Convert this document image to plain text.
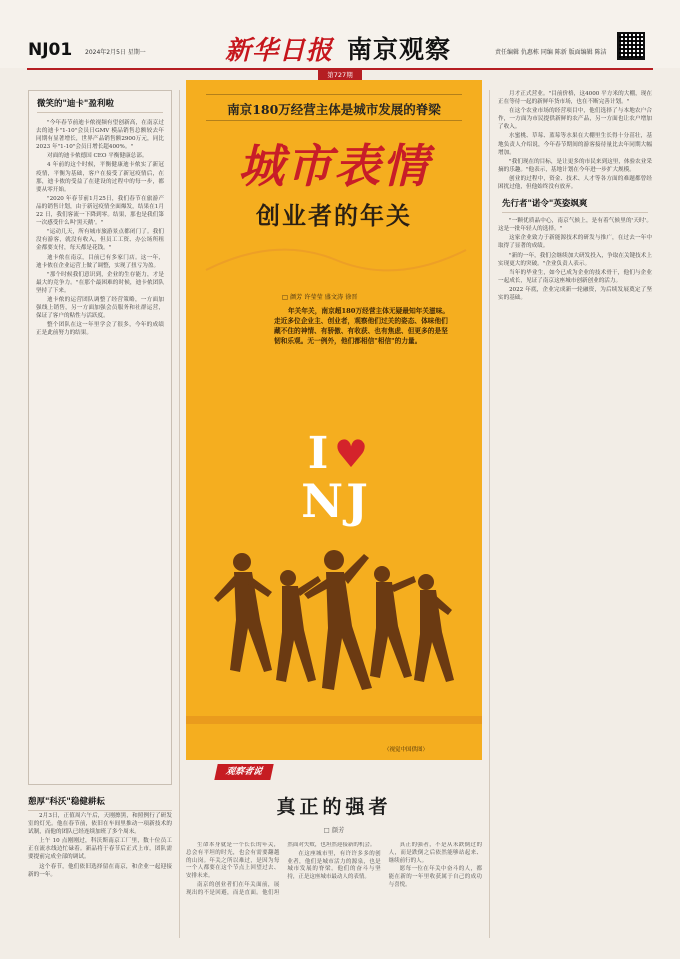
NJ01 2024年2月5日 星期一	新华日报 南京观察	责任编辑 仇惠栋 同编 陈新 版面编辑 陈洁
第727期
微笑的"迪卡"盈利啦

"今年春节前迪卡侬视频有望创新高，在南京过去的迪卡"1-10"会员日GMV 模品销售总额较去年同期有显著增长，世界产品销售额2900万元，同比2023 年"1-10"会员日增长超400%。"

对面的迪卡侬德国 CEO 平衡健康总部。

4 年前的这个时候，平衡健康迪卡侬实了新冠疫情，平衡为基础，客户在接受了新冠疫情后，在那，迪卡侬的受益了在建设的过程中的每一步，都要从零开始。

"2020 年春节前1月25日，我们春节在旅游产品的销售计划，由于新冠疫情全面爆发，结果在1月22 日，我们客流一下降到零。结果，那也是我们第一次感受什么叫'黑天鹅'。"

"运动几天，所有城市旅游景点都闭门了。我们没有游客，就没有收入，但员工工资、办公场所租金都要支付，每天都是花钱。"

迪卡侬在南京，目前已有多家门店。这一年，迪卡侬在企业运营上做了调整，实现了扭亏为盈。

"那个时候我们意识到，企业的生存能力，才是最大的竞争力。"在那个最困难的时候，迪卡侬团队坚持了下来。

迪卡侬的运营团队调整了经营策略，一方面加强线上销售，另一方面加强会员服务和社群运营，保证了客户的粘性与活跃度。

整个团队在这一年里学会了很多，今年的成绩正是此前努力的结果。

憩厚"科沃"稳健耕耘

2月3日，正值周六午后，天刚擦黑，和照例行了研发室的灯光。他在春节前，依旧在车间里推动一项新技术的试制，而他的团队已经连续加班了多个周末。

上午 10 点刚刚过，科沃斯南京工厂里，数十位员工正在流水线边忙碌着。新品将于春节后正式上市，团队需要提前完成全部的调试。

这个春节，他们依旧选择留在南京，和企业一起迎接新的一年。

南京180万经营主体是城市发展的脊梁
城市表情
创业者的年关
□ 颜芳 许莹莹 盛文涛 徐晋
年关年关，南京超180万经营主体无疑最知年关滋味。走近多位企业主、创业者，观察他们过关的姿态、体味他们藏不住的神情、有骄傲、有收获、也有焦虑、但更多的是坚韧和乐观。无一例外，他们都相信"相信"的力量。
I ♥
NJ
（视觉中国供图）
观察者说
真正的强者
□ 颜芳

生命本身就是一个长长的年关，总会有平坦的时光，也会有需要翻越的山岗。年关之所以难过，是因为每一个人都要在这个节点上回望过去、安排未来。

南京的创业者们在年关面前，展现出的不是回避，而是直面。他们坦然面对失败，也坦然迎接新的机会。

在这座城市里，有许许多多的创业者，他们是城市活力的源泉，也是城市发展的脊梁。他们的奋斗与坚持，正是这座城市最动人的表情。

真正的强者，不是从未跌倒过的人，而是跌倒之后依然能够站起来、继续前行的人。

愿每一位在年关中奋斗的人，都能在新的一年里收获属于自己的成功与喜悦。

月才正式营业。"目前价格，这4000 平方米的大棚，现在正在等待一起的新鲜年货市场，也在不断完善计划。"

在这个农业市场的经营项目中，他们选择了与本地农户合作，一方面为市民提供新鲜的农产品，另一方面也让农户增加了收入。

水蜜桃、草莓、蓝莓等水果在大棚里生长得十分茁壮，基地负责人介绍说，今年春节期间的游客接待量比去年同期大幅增加。

"我们现在的目标，是让更多的市民来到这里，体验农业采摘的乐趣。"他表示，基地计划在今年进一步扩大规模。

创业的过程中，资金、技术、人才等各方面的难题都曾经困扰过他，但他始终没有放弃。

先行者"诺令"英姿飒爽

"一颗优质晶中心，南京气候上，是有着气候里的'天时'。这是一批年轻人的选择。"

这家企业致力于新能源技术的研发与推广，在过去一年中取得了显著的成绩。

"新的一年，我们会继续加大研发投入，争取在关键技术上实现更大的突破。"企业负责人表示。

当年的毕业生，如今已成为企业的技术骨干，他们与企业一起成长，见证了南京这座城市创新创业的活力。

2022 年底，企业完成新一轮融资，为后续发展奠定了坚实的基础。
